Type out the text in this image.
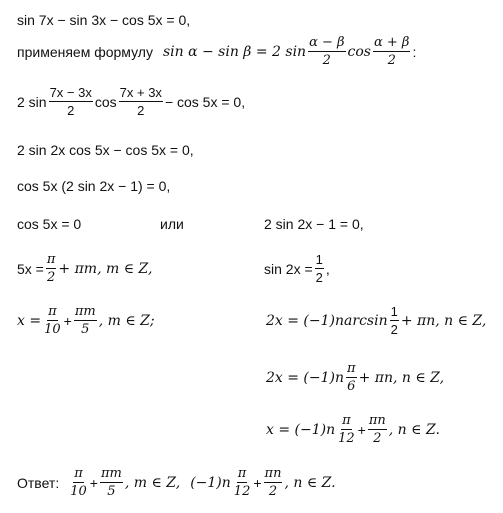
sin 7x − sin 3x − cos 5x = 0,
применяем формулу sin α − sin β = 2 $\sin \frac{\alpha - \beta}{2}$ $\cos \frac{\alpha + \beta}{2}$ :
2 $\sin \frac{7x - 3x}{2}$ $\cos \frac{7x + 3x}{2} - \cos 5x = 0$,
2 sin 2x cos 5x − cos 5x = 0,
cos 5x (2 sin 2x − 1) = 0,
cos 5x = 0	или	2 sin 2x − 1 = 0,
$5x = \frac{\pi}{2} + \pi m$, m ∈ Z,	$\sin 2x = \frac{1}{2}$ ,
$x = \frac{\pi}{10} + \frac{\pi m}{5}$ , m ∈ Z;	2x = (−1) n $\arcsin \frac{1}{2} + \pi n$, n ∈ Z,
2x = (−1) n $\frac{\pi}{6} + \pi n$, n ∈ Z,
x = (−1) n $\frac{\pi}{12} + \frac{\pi n}{2}$ , n ∈ Z.
Ответ: $\frac{\pi}{10} + \frac{\pi m}{5}$ , m ∈ Z, (−1) n $\frac{\pi}{12} + \frac{\pi n}{2}$ , n ∈ Z.
